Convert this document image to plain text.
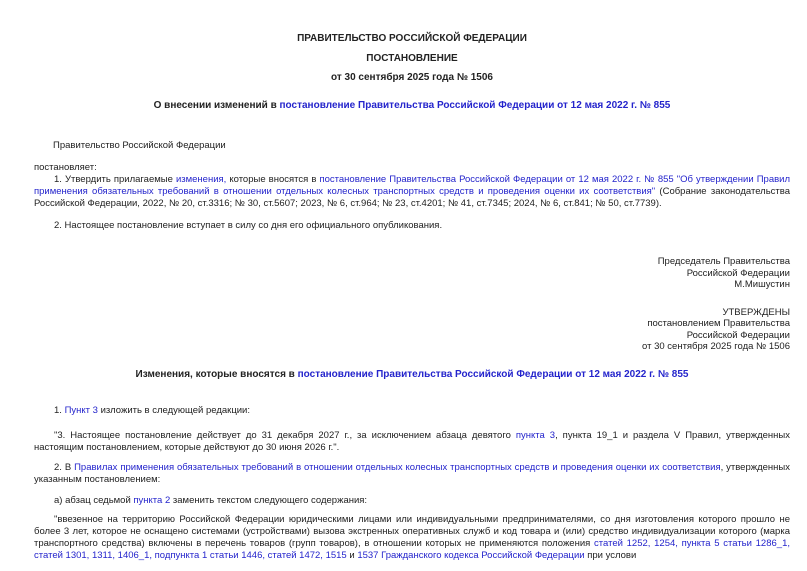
ПРАВИТЕЛЬСТВО РОССИЙСКОЙ ФЕДЕРАЦИИ
ПОСТАНОВЛЕНИЕ
от 30 сентября 2025 года № 1506
О внесении изменений в постановление Правительства Российской Федерации от 12 мая 2022 г. № 855

Правительство Российской Федерации

постановляет:

1. Утвердить прилагаемые изменения, которые вносятся в постановление Правительства Российской Федерации от 12 мая 2022 г. № 855 "Об утверждении Правил применения обязательных требований в отношении отдельных колесных транспортных средств и проведения оценки их соответствия" (Собрание законодательства Российской Федерации, 2022, № 20, ст.3316; № 30, ст.5607; 2023, № 6, ст.964; № 23, ст.4201; № 41, ст.7345; 2024, № 6, ст.841; № 50, ст.7739).

2. Настоящее постановление вступает в силу со дня его официального опубликования.

Председатель Правительства
Российской Федерации
М.Мишустин
УТВЕРЖДЕНЫ
постановлением Правительства
Российской Федерации
от 30 сентября 2025 года № 1506
Изменения, которые вносятся в постановление Правительства Российской Федерации от 12 мая 2022 г. № 855

1. Пункт 3 изложить в следующей редакции:

"3. Настоящее постановление действует до 31 декабря 2027 г., за исключением абзаца девятого пункта 3, пункта 19_1 и раздела V Правил, утвержденных настоящим постановлением, которые действуют до 30 июня 2026 г.".

2. В Правилах применения обязательных требований в отношении отдельных колесных транспортных средств и проведения оценки их соответствия, утвержденных указанным постановлением:

а) абзац седьмой пункта 2 заменить текстом следующего содержания:

"ввезенное на территорию Российской Федерации юридическими лицами или индивидуальными предпринимателями, со дня изготовления которого прошло не более 3 лет, которое не оснащено системами (устройствами) вызова экстренных оперативных служб и код товара и (или) средство индивидуализации которого (марка транспортного средства) включены в перечень товаров (групп товаров), в отношении которых не применяются положения статей 1252, 1254, пункта 5 статьи 1286_1, статей 1301, 1311, 1406_1, подпункта 1 статьи 1446, статей 1472, 1515 и 1537 Гражданского кодекса Российской Федерации при услови
